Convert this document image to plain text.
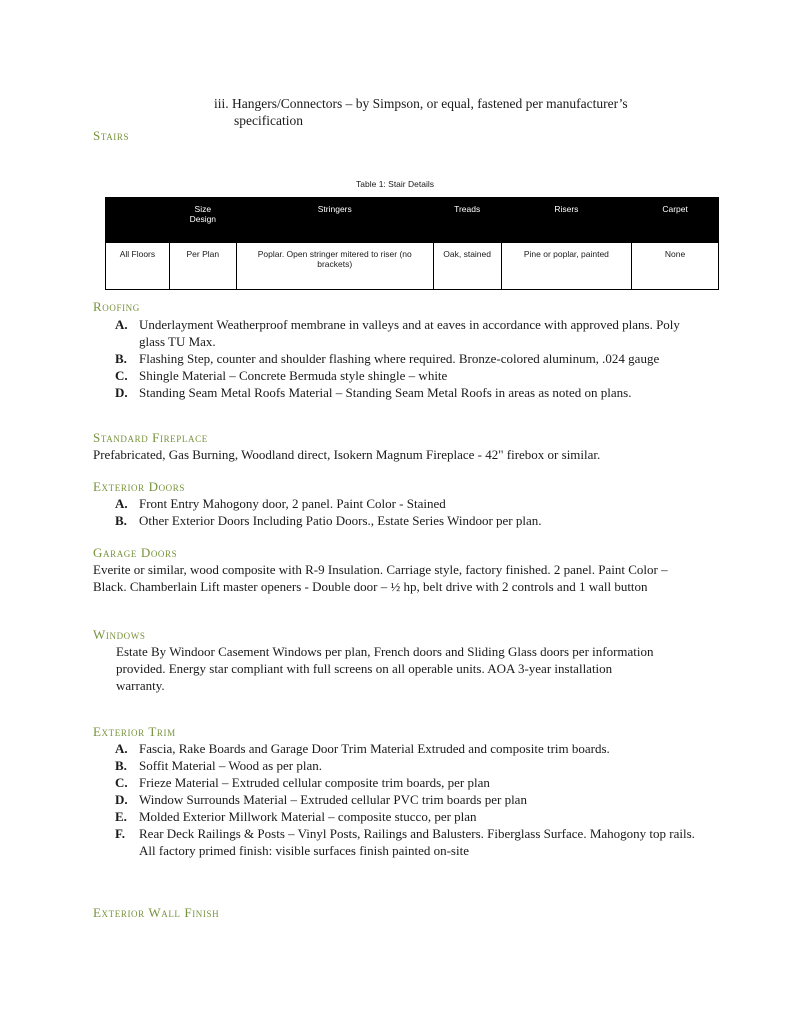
iii. Hangers/Connectors – by Simpson, or equal, fastened per manufacturer’s
specification
Stairs
Table 1: Stair Details
	Size Design	Stringers	Treads	Risers	Carpet
All Floors	Per Plan	Poplar. Open stringer mitered to riser (no brackets)	Oak, stained	Pine or poplar, painted	None
Roofing
A. Underlayment Weatherproof membrane in valleys and at eaves in accordance with approved plans. Poly glass TU Max.
B. Flashing Step, counter and shoulder flashing where required. Bronze-colored aluminum, .024 gauge
C. Shingle Material – Concrete Bermuda style shingle – white
D. Standing Seam Metal Roofs Material – Standing Seam Metal Roofs in areas as noted on plans.
Standard Fireplace
Prefabricated, Gas Burning, Woodland direct, Isokern Magnum Fireplace - 42" firebox or similar.
Exterior Doors
A. Front Entry Mahogony door, 2 panel. Paint Color - Stained
B. Other Exterior Doors Including Patio Doors., Estate Series Windoor per plan.
Garage Doors
Everite or similar, wood composite with R-9 Insulation. Carriage style, factory finished. 2 panel. Paint Color – Black. Chamberlain Lift master openers - Double door – ½ hp, belt drive with 2 controls and 1 wall button
Windows
Estate By Windoor Casement Windows per plan, French doors and Sliding Glass doors per information provided. Energy star compliant with full screens on all operable units. AOA 3-year installation warranty.
Exterior Trim
A. Fascia, Rake Boards and Garage Door Trim Material Extruded and composite trim boards.
B. Soffit Material – Wood as per plan.
C. Frieze Material – Extruded cellular composite trim boards, per plan
D. Window Surrounds Material – Extruded cellular PVC trim boards per plan
E. Molded Exterior Millwork Material – composite stucco, per plan
F. Rear Deck Railings & Posts – Vinyl Posts, Railings and Balusters. Fiberglass Surface. Mahogony top rails. All factory primed finish: visible surfaces finish painted on-site
Exterior Wall Finish
